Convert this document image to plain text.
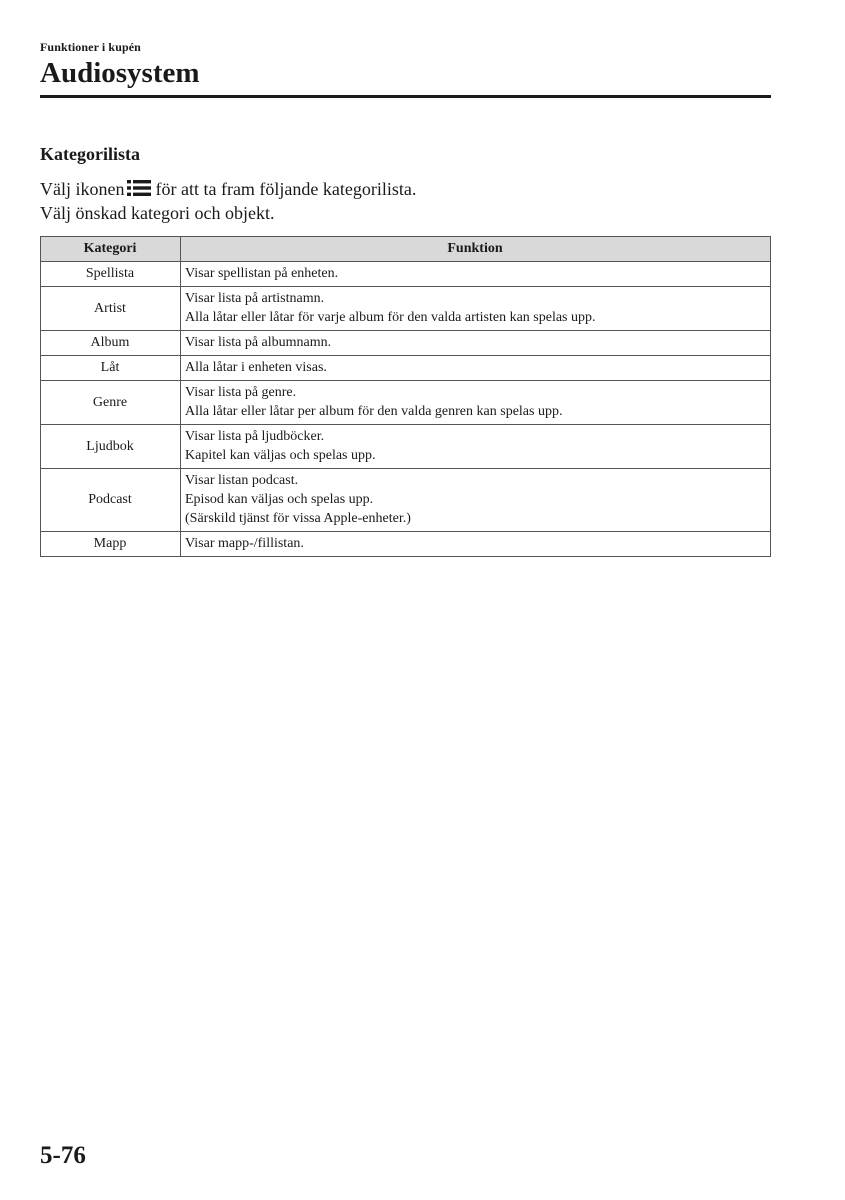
Funktioner i kupén
Audiosystem
Kategorilista
Välj ikonen för att ta fram följande kategorilista.
Välj önskad kategori och objekt.
Kategori	Funktion
Spellista	Visar spellistan på enheten.

Artist	Visar lista på artistnamn.
Alla låtar eller låtar för varje album för den valda artisten kan spelas upp.

Album	Visar lista på albumnamn.

Låt	Alla låtar i enheten visas.

Genre	Visar lista på genre.
Alla låtar eller låtar per album för den valda genren kan spelas upp.

Ljudbok	Visar lista på ljudböcker.
Kapitel kan väljas och spelas upp.

Podcast	Visar listan podcast.
Episod kan väljas och spelas upp.
(Särskild tjänst för vissa Apple-enheter.)

Mapp	Visar mapp-/fillistan.
5-76
